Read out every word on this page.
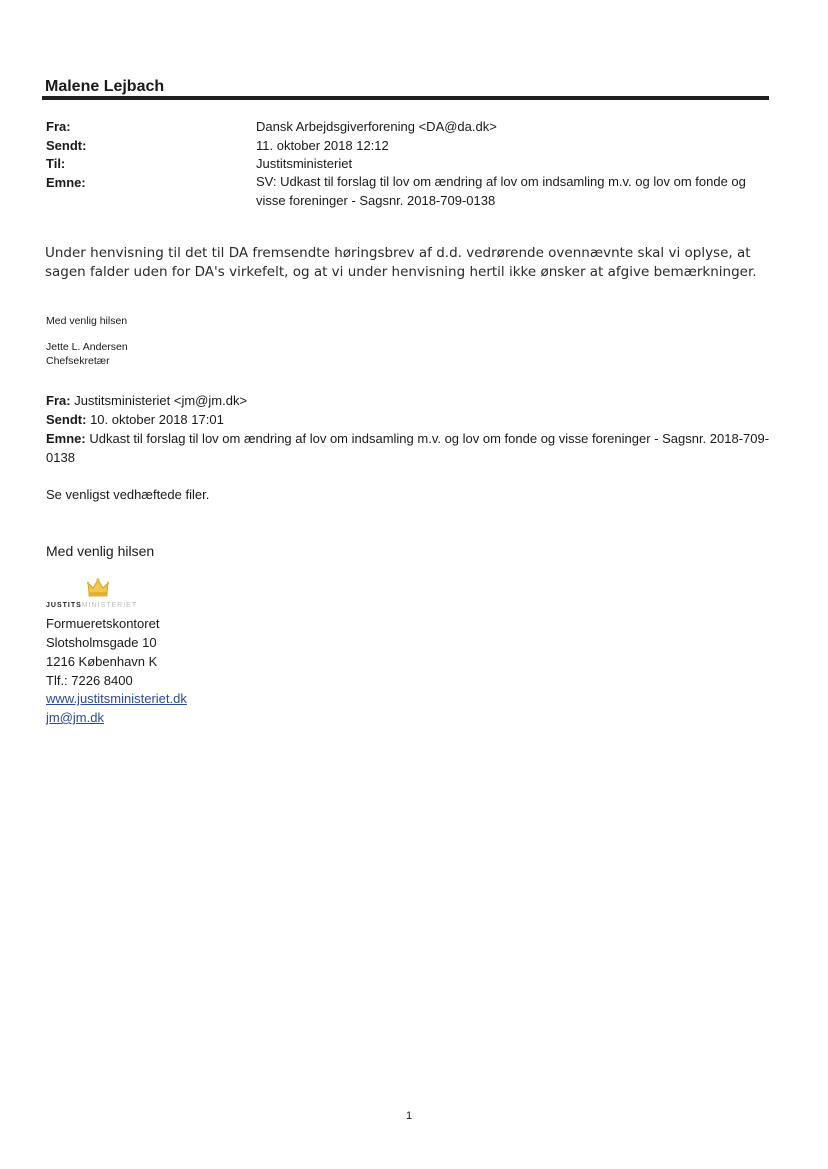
Malene Lejbach
Fra:	Dansk Arbejdsgiverforening <DA@da.dk>
Sendt:	11. oktober 2018 12:12
Til:	Justitsministeriet
Emne:	SV: Udkast til forslag til lov om ændring af lov om indsamling m.v. og lov om fonde og visse foreninger - Sagsnr. 2018-709-0138
Under henvisning til det til DA fremsendte høringsbrev af d.d. vedrørende ovennævnte skal vi oplyse, at sagen falder uden for DA's virkefelt, og at vi under henvisning hertil ikke ønsker at afgive bemærkninger.
Med venlig hilsen
Jette L. Andersen
Chefsekretær
Fra: Justitsministeriet <jm@jm.dk>
Sendt: 10. oktober 2018 17:01
Emne: Udkast til forslag til lov om ændring af lov om indsamling m.v. og lov om fonde og visse foreninger - Sagsnr. 2018-709-0138
Se venligst vedhæftede filer.
Med venlig hilsen
JUSTITSMINISTERIET
Formueretskontoret
Slotsholmsgade 10
1216 København K
Tlf.: 7226 8400
www.justitsministeriet.dk
jm@jm.dk
1
